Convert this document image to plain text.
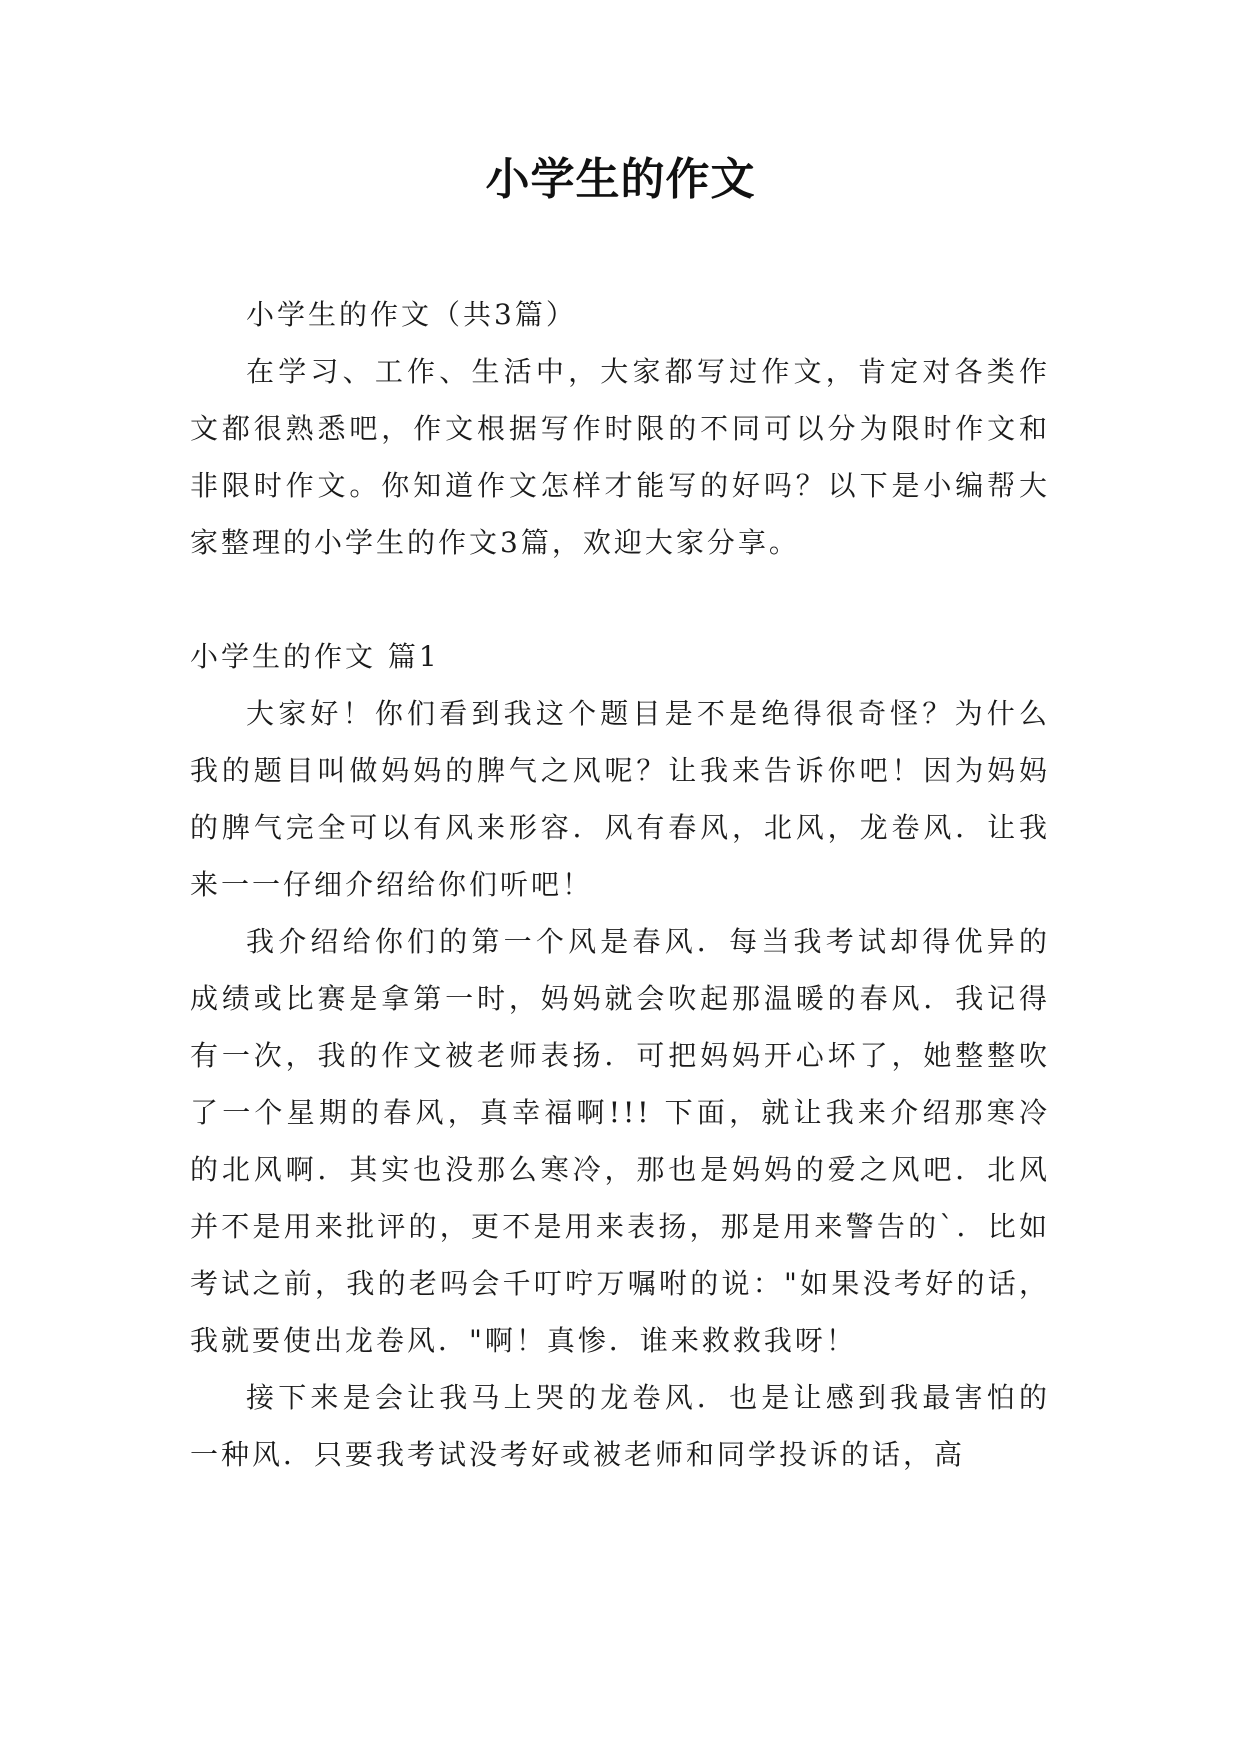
小学生的作文

小学生的作文（共3篇）

在学习、工作、生活中，大家都写过作文，肯定对各类作文都很熟悉吧，作文根据写作时限的不同可以分为限时作文和非限时作文。你知道作文怎样才能写的好吗？以下是小编帮大家整理的小学生的作文3篇，欢迎大家分享。

小学生的作文 篇1

大家好！你们看到我这个题目是不是绝得很奇怪？为什么我的题目叫做妈妈的脾气之风呢？让我来告诉你吧！因为妈妈的脾气完全可以有风来形容．风有春风，北风，龙卷风．让我来一一仔细介绍给你们听吧！

我介绍给你们的第一个风是春风．每当我考试却得优异的成绩或比赛是拿第一时，妈妈就会吹起那温暖的春风．我记得有一次，我的作文被老师表扬．可把妈妈开心坏了，她整整吹了一个星期的春风，真幸福啊!!! 下面，就让我来介绍那寒冷的北风啊．其实也没那么寒冷，那也是妈妈的爱之风吧．北风并不是用来批评的，更不是用来表扬，那是用来警告的`．比如考试之前，我的老吗会千叮咛万嘱咐的说："如果没考好的话，我就要使出龙卷风．"啊！真惨．谁来救救我呀！

接下来是会让我马上哭的龙卷风．也是让感到我最害怕的一种风．只要我考试没考好或被老师和同学投诉的话，高
